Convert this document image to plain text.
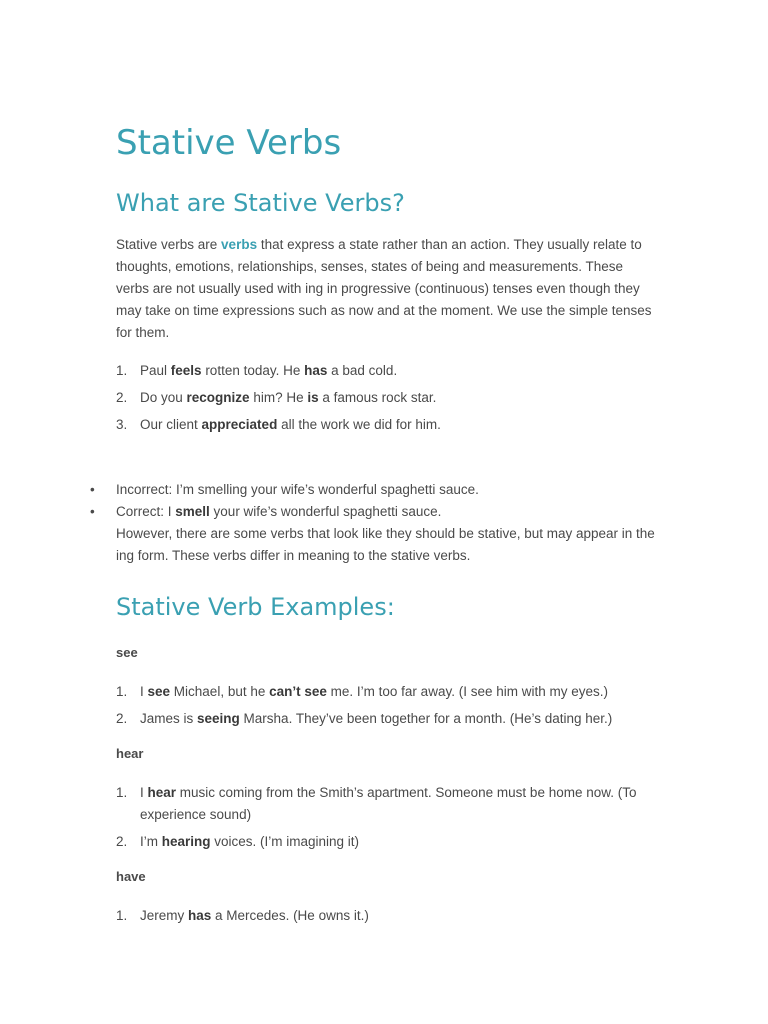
Stative Verbs
What are Stative Verbs?

Stative verbs are verbs that express a state rather than an action. They usually relate to thoughts, emotions, relationships, senses, states of being and measurements. These verbs are not usually used with ing in progressive (continuous) tenses even though they may take on time expressions such as now and at the moment. We use the simple tenses for them.

1. Paul feels rotten today. He has a bad cold.
2. Do you recognize him? He is a famous rock star.
3. Our client appreciated all the work we did for him.
• Incorrect: I’m smelling your wife’s wonderful spaghetti sauce.
• Correct: I smell your wife’s wonderful spaghetti sauce.

However, there are some verbs that look like they should be stative, but may appear in the ing form. These verbs differ in meaning to the stative verbs.

Stative Verb Examples:

see

1. I see Michael, but he can’t see me. I’m too far away. (I see him with my eyes.)
2. James is seeing Marsha. They’ve been together for a month. (He’s dating her.)

hear

1. I hear music coming from the Smith’s apartment. Someone must be home now. (To experience sound)
2. I’m hearing voices. (I’m imagining it)

have

1. Jeremy has a Mercedes. (He owns it.)
